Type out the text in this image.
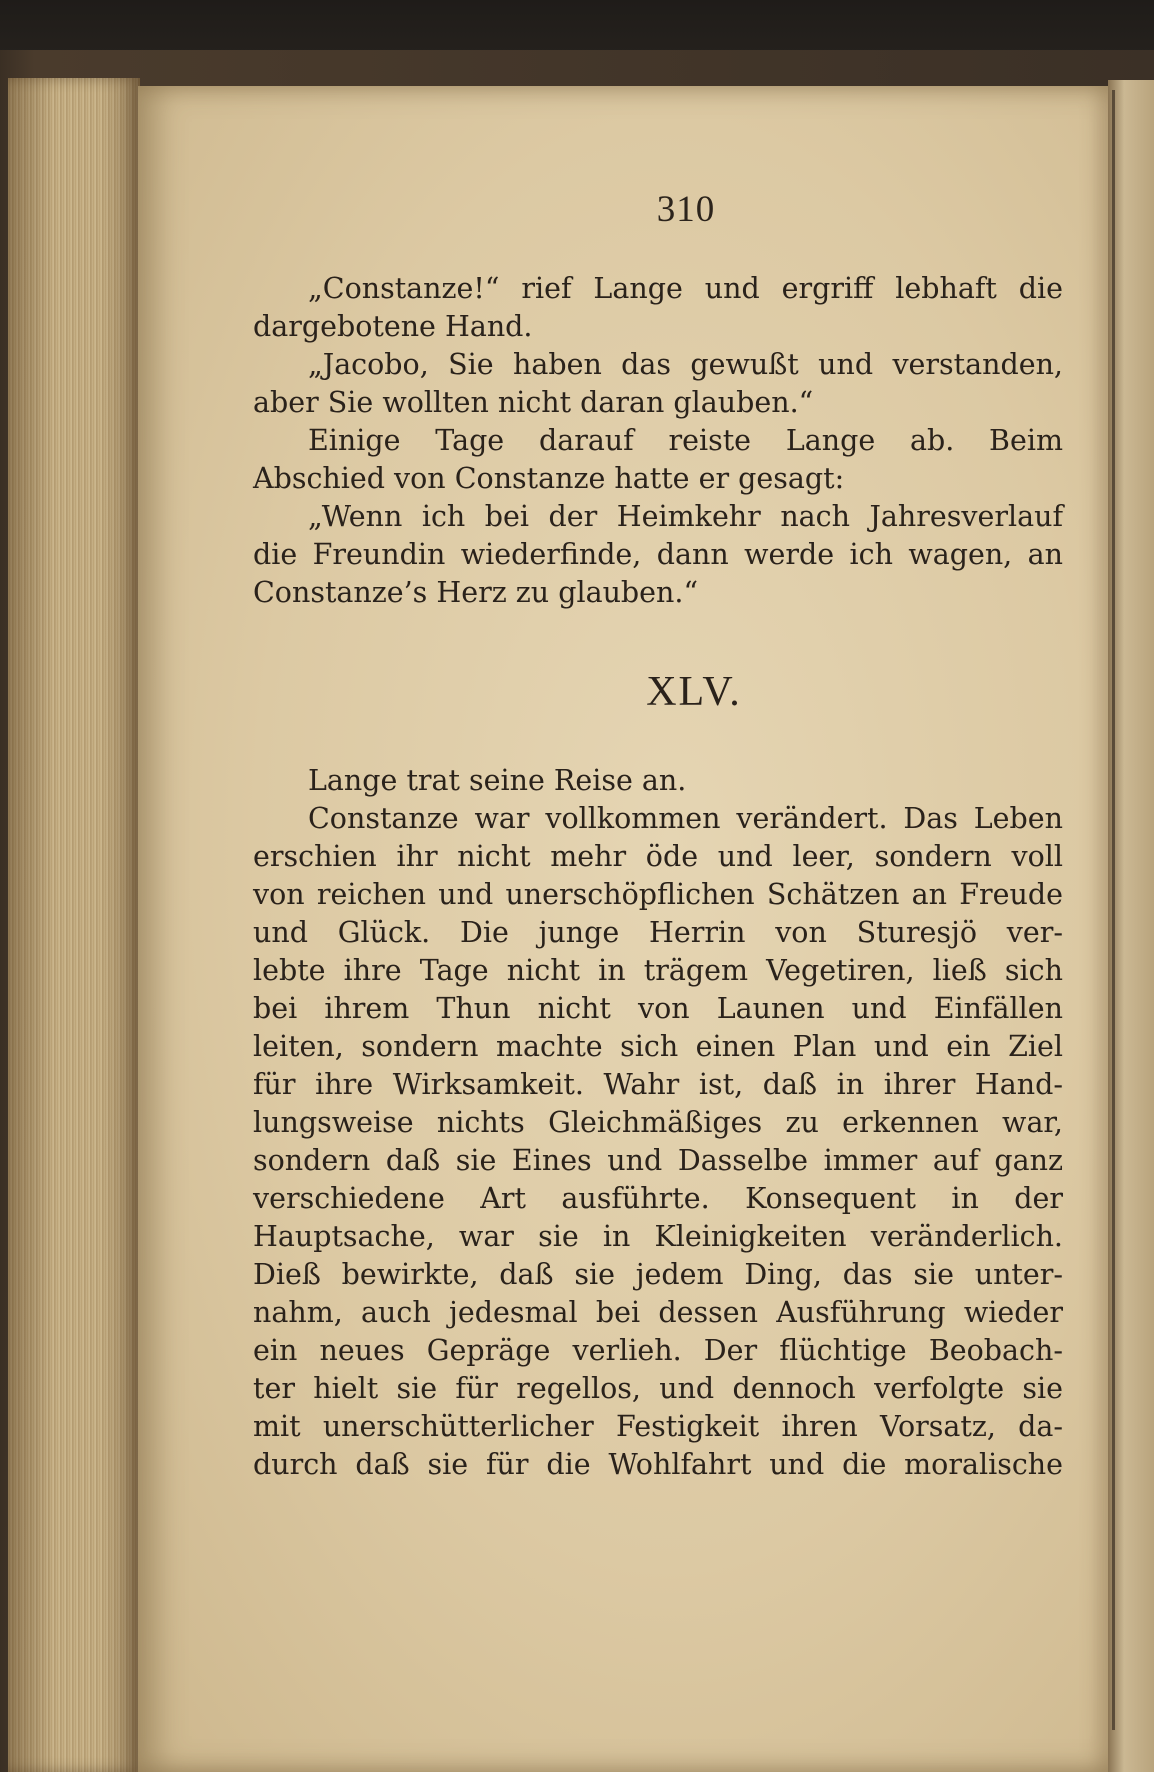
310
„Constanze!“ rief Lange und ergriff lebhaft die
dargebotene Hand.
„Jacobo, Sie haben das gewußt und verstanden,
aber Sie wollten nicht daran glauben.“
Einige Tage darauf reiste Lange ab. Beim
Abschied von Constanze hatte er gesagt:
„Wenn ich bei der Heimkehr nach Jahresverlauf
die Freundin wiederfinde, dann werde ich wagen, an
Constanze’s Herz zu glauben.“
XLV.
Lange trat seine Reise an.
Constanze war vollkommen verändert. Das Leben
erschien ihr nicht mehr öde und leer, sondern voll
von reichen und unerschöpflichen Schätzen an Freude
und Glück. Die junge Herrin von Sturesjö ver-
lebte ihre Tage nicht in trägem Vegetiren, ließ sich
bei ihrem Thun nicht von Launen und Einfällen
leiten, sondern machte sich einen Plan und ein Ziel
für ihre Wirksamkeit. Wahr ist, daß in ihrer Hand-
lungsweise nichts Gleichmäßiges zu erkennen war,
sondern daß sie Eines und Dasselbe immer auf ganz
verschiedene Art ausführte. Konsequent in der
Hauptsache, war sie in Kleinigkeiten veränderlich.
Dieß bewirkte, daß sie jedem Ding, das sie unter-
nahm, auch jedesmal bei dessen Ausführung wieder
ein neues Gepräge verlieh. Der flüchtige Beobach-
ter hielt sie für regellos, und dennoch verfolgte sie
mit unerschütterlicher Festigkeit ihren Vorsatz, da-
durch daß sie für die Wohlfahrt und die moralische
